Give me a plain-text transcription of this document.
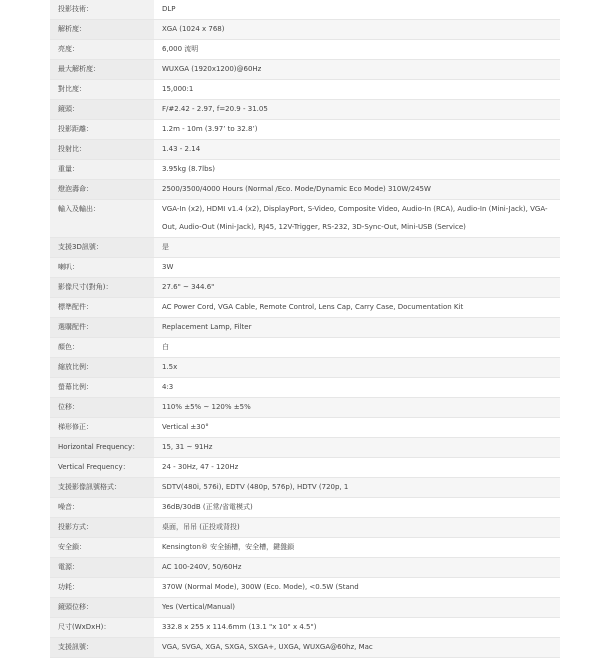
投影技術：	DLP
解析度：	XGA (1024 x 768)
亮度：	6,000 流明
最大解析度：	WUXGA (1920x1200)@60Hz
對比度：	15,000:1
鏡頭：	F/#2.42 - 2.97, f=20.9 - 31.05
投影距離：	1.2m - 10m (3.97’ to 32.8’)
投射比：	1.43 - 2.14
重量：	3.95kg (8.7lbs)
燈泡壽命：	2500/3500/4000 Hours (Normal /Eco. Mode/Dynamic Eco Mode) 310W/245W
輸入及輸出：	VGA-In (x2), HDMI v1.4 (x2), DisplayPort, S-Video, Composite Video, Audio-In (RCA), Audio-In (Mini-Jack), VGA-Out, Audio-Out (Mini-Jack), RJ45, 12V-Trigger, RS-232, 3D-Sync-Out, Mini-USB (Service)
支援3D訊號：	是
喇叭：	3W
影像尺寸(對角)：	27.6" ~ 344.6"
標準配件：	AC Power Cord, VGA Cable, Remote Control, Lens Cap, Carry Case, Documentation Kit
選購配件：	Replacement Lamp, Filter
顏色：	白
縮放比例：	1.5x
螢幕比例：	4:3
位移：	110% ±5% ~ 120% ±5%
梯形修正：	Vertical ±30°
Horizontal Frequency：	15, 31 ~ 91Hz
Vertical Frequency：	24 - 30Hz, 47 - 120Hz
支援影像訊號格式：	SDTV(480i, 576i), EDTV (480p, 576p), HDTV (720p, 1
噪音：	36dB/30dB (正常/省電模式)
投影方式：	桌面，吊吊 (正投或背投)
安全鎖：	Kensington® 安全插槽，安全槽，鍵盤鎖
電源：	AC 100-240V, 50/60Hz
功耗：	370W (Normal Mode), 300W (Eco. Mode), <0.5W (Stand
鏡頭位移：	Yes (Vertical/Manual)
尺寸(WxDxH)：	332.8 x 255 x 114.6mm (13.1 "x 10" x 4.5")
支援訊號：	VGA, SVGA, XGA, SXGA, SXGA+, UXGA, WUXGA@60hz, Mac
